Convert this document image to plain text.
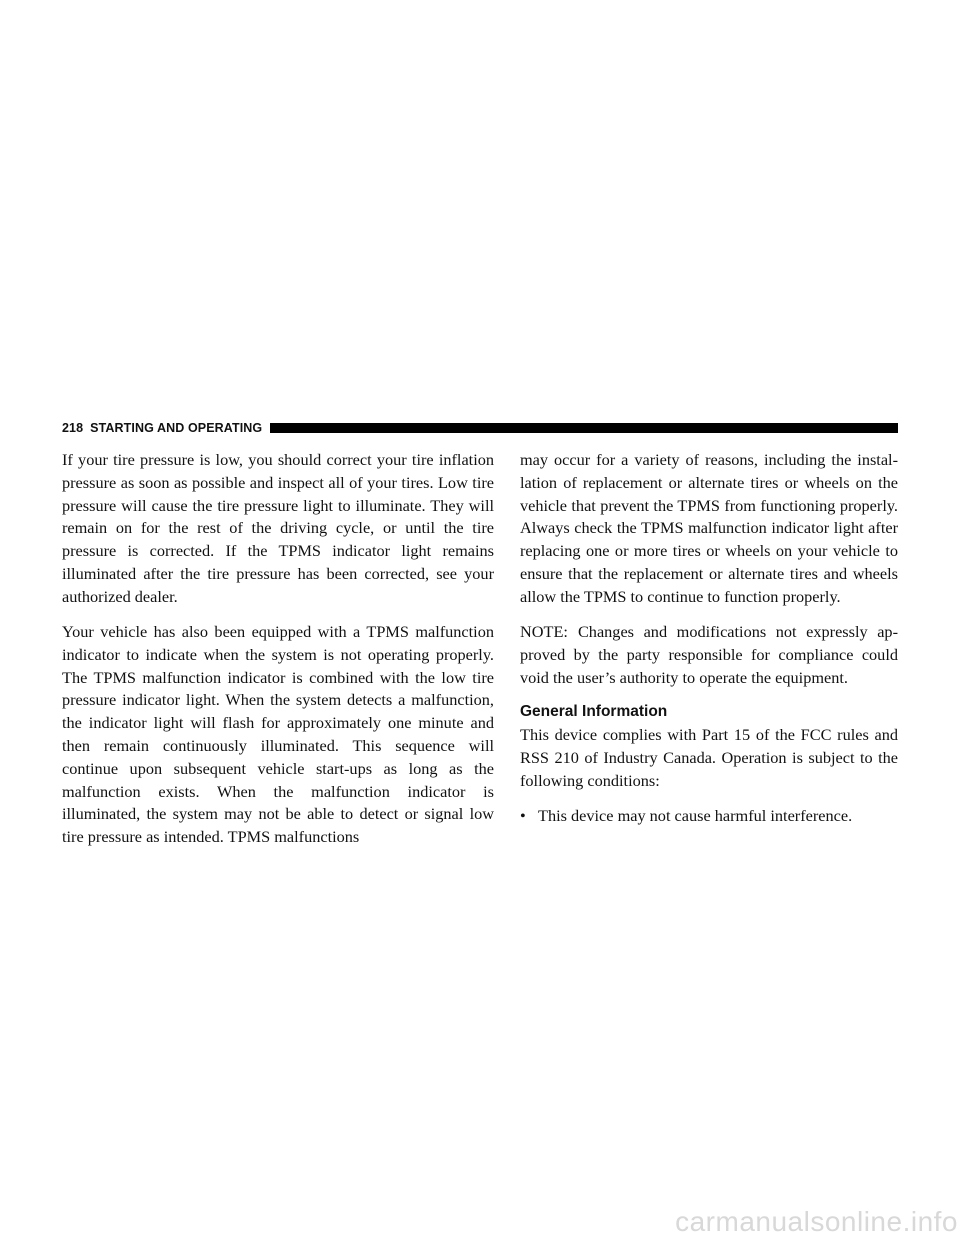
218 STARTING AND OPERATING

If your tire pressure is low, you should correct your tire inflation pressure as soon as possible and inspect all of your tires. Low tire pressure will cause the tire pressure light to illuminate. They will remain on for the rest of the driving cycle, or until the tire pressure is corrected. If the TPMS indicator light remains illuminated after the tire pressure has been corrected, see your authorized dealer.

Your vehicle has also been equipped with a TPMS malfunction indicator to indicate when the system is not operating properly. The TPMS malfunction indicator is combined with the low tire pressure indicator light. When the system detects a malfunction, the indicator light will flash for approximately one minute and then remain continuously illuminated. This sequence will continue upon subsequent vehicle start-ups as long as the malfunction exists. When the malfunction indicator is illuminated, the system may not be able to detect or signal low tire pressure as intended. TPMS malfunctions

may occur for a variety of reasons, including the installation of replacement or alternate tires or wheels on the vehicle that prevent the TPMS from functioning properly. Always check the TPMS malfunction indicator light after replacing one or more tires or wheels on your vehicle to ensure that the replacement or alternate tires and wheels allow the TPMS to continue to function properly.

NOTE: Changes and modifications not expressly approved by the party responsible for compliance could void the user’s authority to operate the equipment.

General Information

This device complies with Part 15 of the FCC rules and RSS 210 of Industry Canada. Operation is subject to the following conditions:

• This device may not cause harmful interference.
carmanualsonline.info
